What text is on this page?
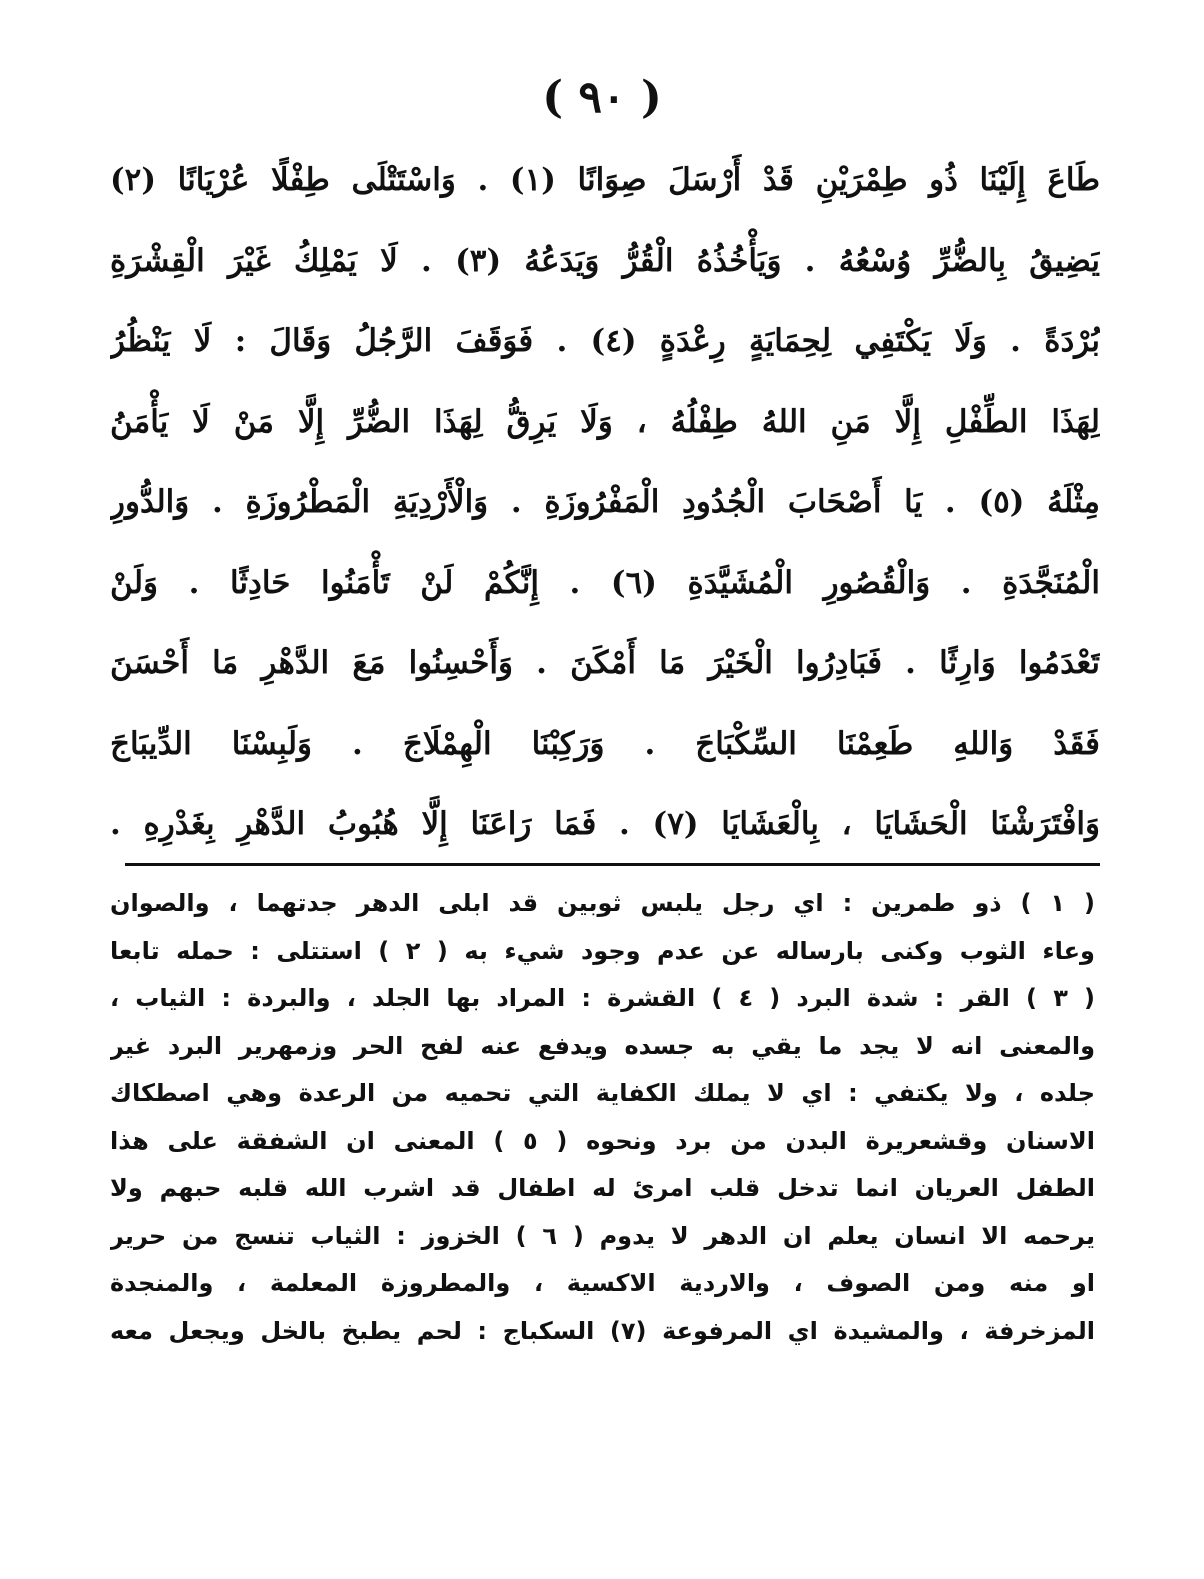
( ٩٠ )
طَاعَ إِلَيْنَا ذُو طِمْرَيْنِ قَدْ أَرْسَلَ صِوَانًا (١) . وَاسْتَتْلَى طِفْلًا عُرْيَانًا (٢)
يَضِيقُ بِالضُّرِّ وُسْعُهُ . وَيَأْخُذُهُ الْقُرُّ وَيَدَعُهُ (٣) . لَا يَمْلِكُ غَيْرَ الْقِشْرَةِ
بُرْدَةً . وَلَا يَكْتَفِي لِحِمَايَةٍ رِعْدَةٍ (٤) . فَوَقَفَ الرَّجُلُ وَقَالَ : لَا يَنْظُرُ
لِهَذَا الطِّفْلِ إِلَّا مَنِ اللهُ طِفْلُهُ ، وَلَا يَرِقُّ لِهَذَا الضُّرِّ إِلَّا مَنْ لَا يَأْمَنُ
مِثْلَهُ (٥) . يَا أَصْحَابَ الْجُدُودِ الْمَفْرُوزَةِ . وَالْأَرْدِيَةِ الْمَطْرُوزَةِ . وَالدُّورِ
الْمُنَجَّدَةِ . وَالْقُصُورِ الْمُشَيَّدَةِ (٦) . إِنَّكُمْ لَنْ تَأْمَنُوا حَادِثًا . وَلَنْ
تَعْدَمُوا وَارِثًا . فَبَادِرُوا الْخَيْرَ مَا أَمْكَنَ . وَأَحْسِنُوا مَعَ الدَّهْرِ مَا أَحْسَنَ
فَقَدْ وَاللهِ طَعِمْنَا السِّكْبَاجَ . وَرَكِبْنَا الْهِمْلَاجَ . وَلَبِسْنَا الدِّيبَاجَ
وَافْتَرَشْنَا الْحَشَايَا ، بِالْعَشَايَا (٧) . فَمَا رَاعَنَا إِلَّا هُبُوبُ الدَّهْرِ بِغَدْرِهِ .
( ١ ) ذو طمرين : اي رجل يلبس ثوبين قد ابلى الدهر جدتهما ، والصوان
وعاء الثوب وكنى بارساله عن عدم وجود شيء به ( ٢ ) استتلى : حمله تابعا
( ٣ ) القر : شدة البرد ( ٤ ) القشرة : المراد بها الجلد ، والبردة : الثياب ،
والمعنى انه لا يجد ما يقي به جسده ويدفع عنه لفح الحر وزمهرير البرد غير
جلده ، ولا يكتفي : اي لا يملك الكفاية التي تحميه من الرعدة وهي اصطكاك
الاسنان وقشعريرة البدن من برد ونحوه ( ٥ ) المعنى ان الشفقة على هذا
الطفل العريان انما تدخل قلب امرئ له اطفال قد اشرب الله قلبه حبهم ولا
يرحمه الا انسان يعلم ان الدهر لا يدوم ( ٦ ) الخزوز : الثياب تنسج من حرير
او منه ومن الصوف ، والاردية الاكسية ، والمطروزة المعلمة ، والمنجدة
المزخرفة ، والمشيدة اي المرفوعة (٧) السكباج : لحم يطبخ بالخل ويجعل معه
